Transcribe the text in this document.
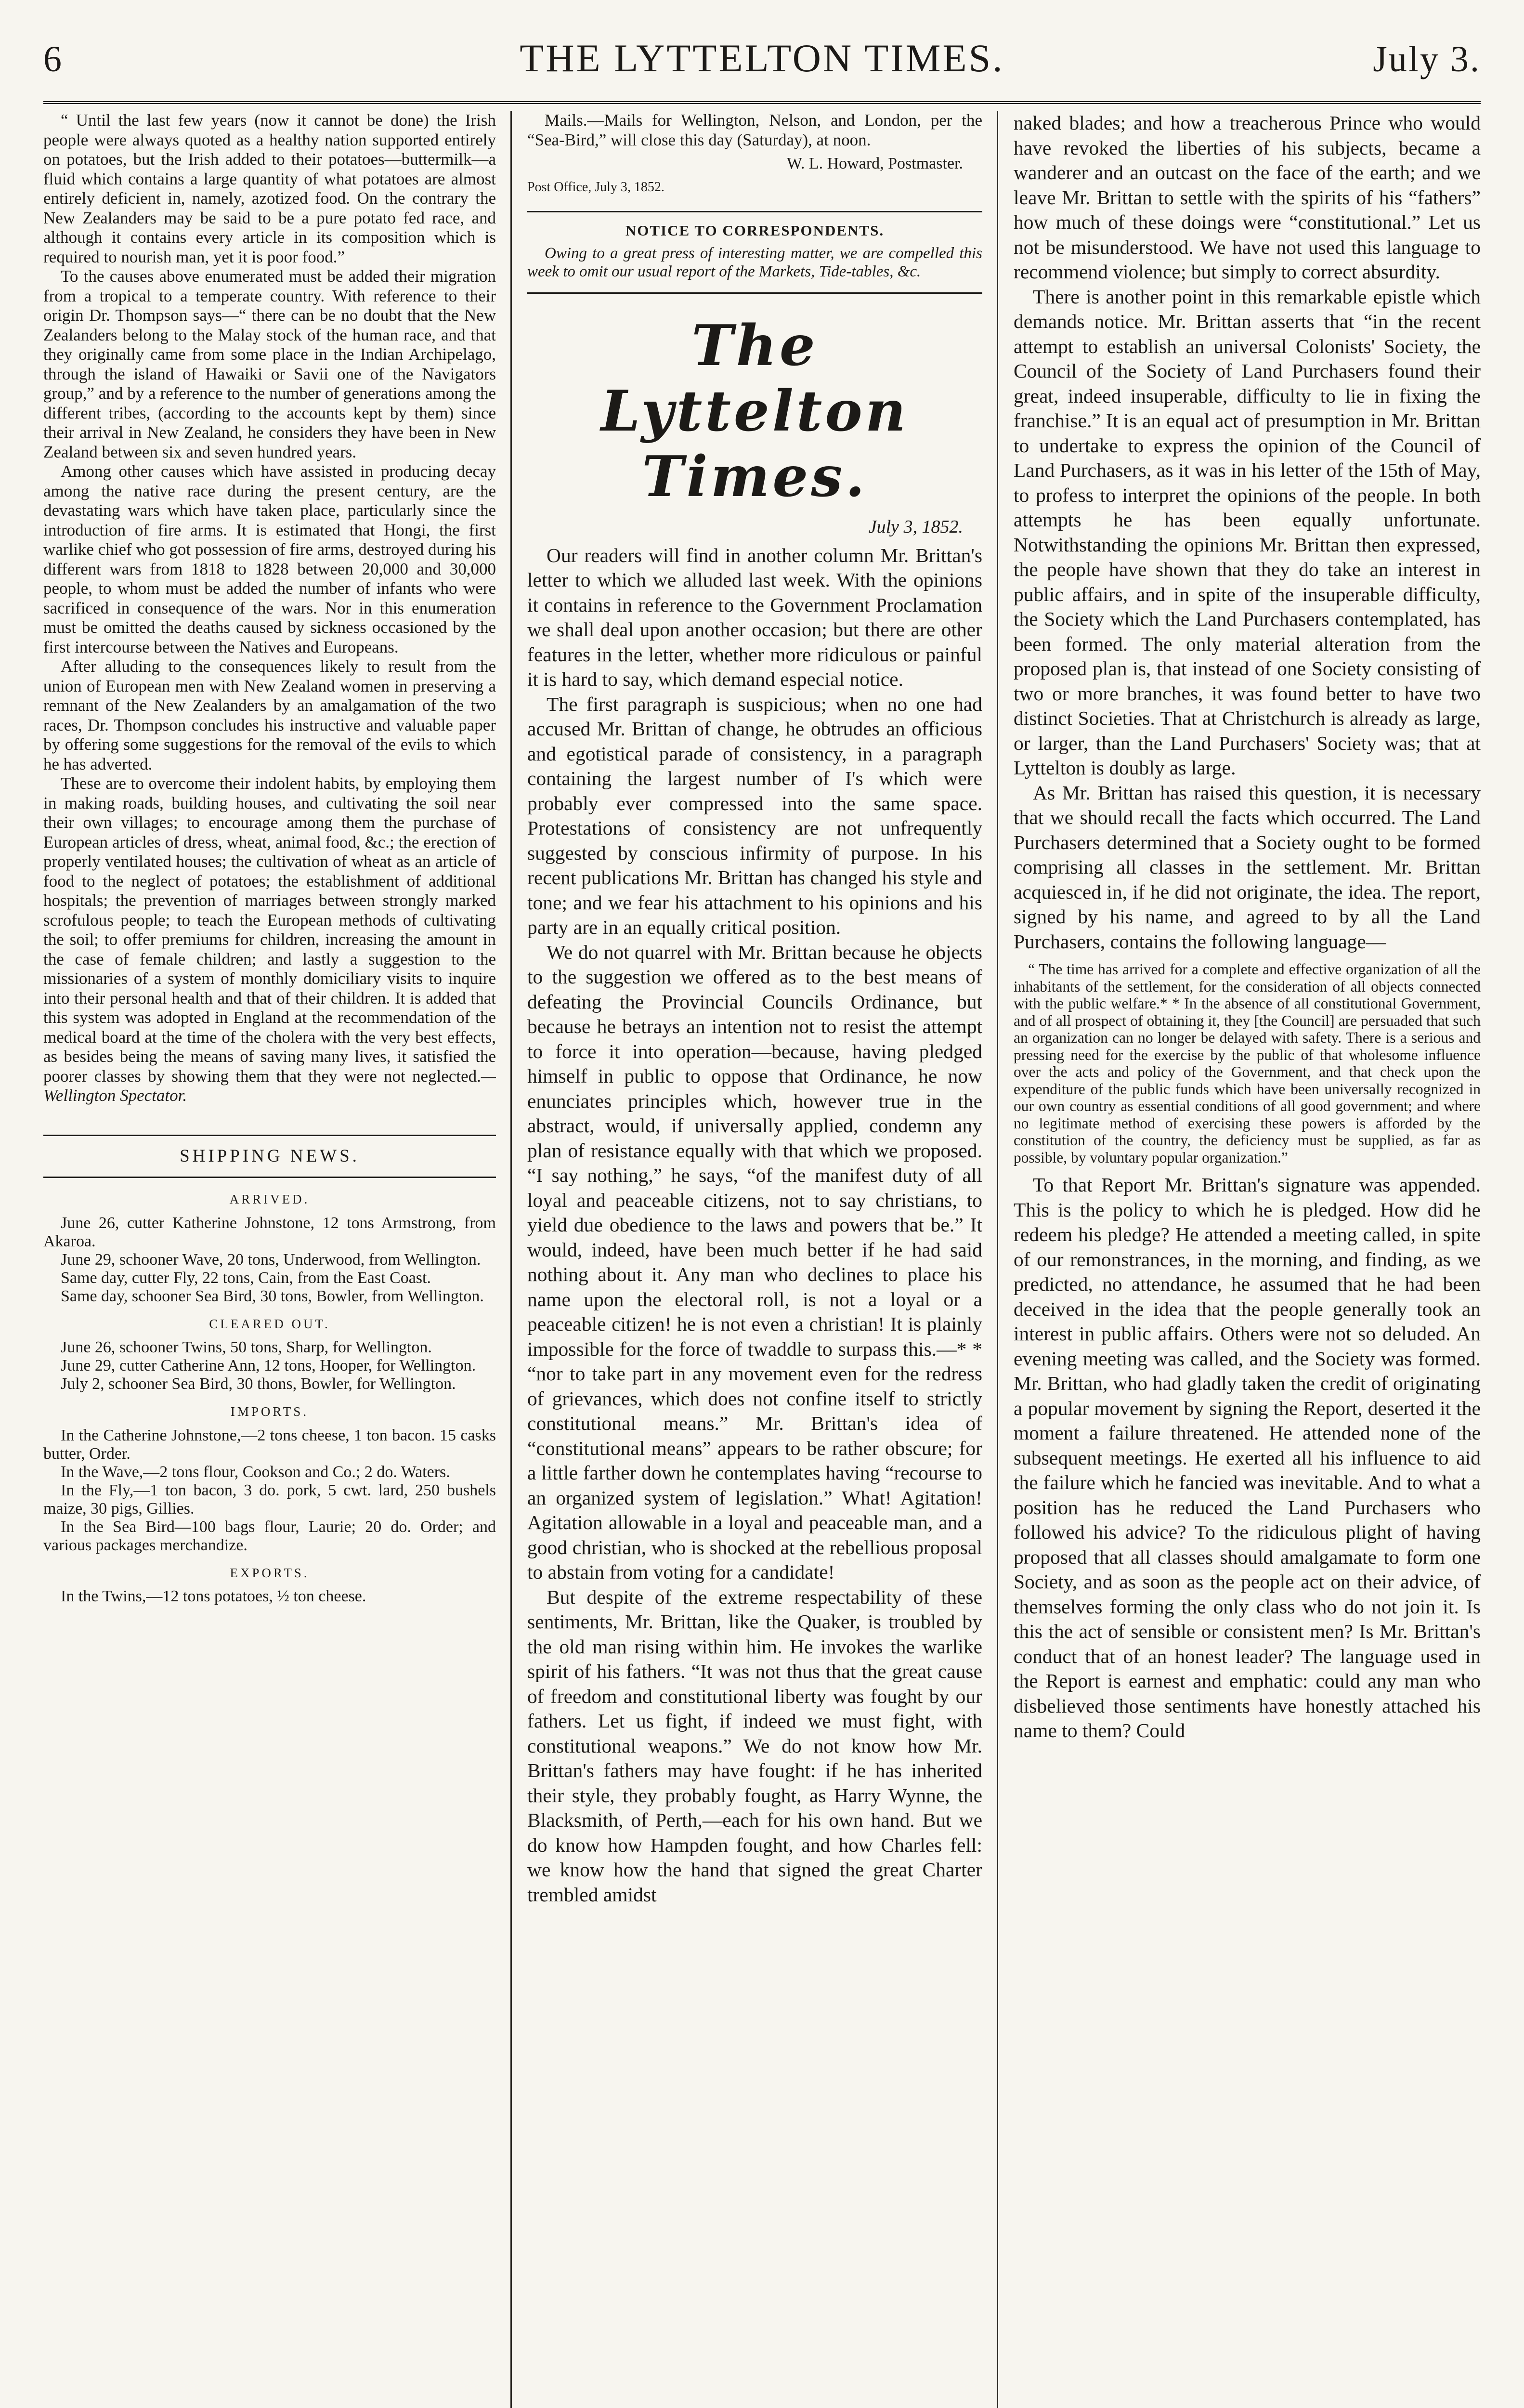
6	THE LYTTELTON TIMES.	July 3.

“ Until the last few years (now it cannot be done) the Irish people were always quoted as a healthy nation supported entirely on potatoes, but the Irish added to their potatoes—buttermilk—a fluid which contains a large quantity of what potatoes are almost entirely deficient in, namely, azotized food. On the contrary the New Zealanders may be said to be a pure potato fed race, and although it contains every article in its composition which is required to nourish man, yet it is poor food.”

To the causes above enumerated must be added their migration from a tropical to a temperate country. With reference to their origin Dr. Thompson says—“ there can be no doubt that the New Zealanders belong to the Malay stock of the human race, and that they originally came from some place in the Indian Archipelago, through the island of Hawaiki or Savii one of the Navigators group,” and by a reference to the number of generations among the different tribes, (according to the accounts kept by them) since their arrival in New Zealand, he considers they have been in New Zealand between six and seven hundred years.

Among other causes which have assisted in producing decay among the native race during the present century, are the devastating wars which have taken place, particularly since the introduction of fire arms. It is estimated that Hongi, the first warlike chief who got possession of fire arms, destroyed during his different wars from 1818 to 1828 between 20,000 and 30,000 people, to whom must be added the number of infants who were sacrificed in consequence of the wars. Nor in this enumeration must be omitted the deaths caused by sickness occasioned by the first intercourse between the Natives and Europeans.

After alluding to the consequences likely to result from the union of European men with New Zealand women in preserving a remnant of the New Zealanders by an amalgamation of the two races, Dr. Thompson concludes his instructive and valuable paper by offering some suggestions for the removal of the evils to which he has adverted.

These are to overcome their indolent habits, by employing them in making roads, building houses, and cultivating the soil near their own villages; to encourage among them the purchase of European articles of dress, wheat, animal food, &c.; the erection of properly ventilated houses; the cultivation of wheat as an article of food to the neglect of potatoes; the establishment of additional hospitals; the prevention of marriages between strongly marked scrofulous people; to teach the European methods of cultivating the soil; to offer premiums for children, increasing the amount in the case of female children; and lastly a suggestion to the missionaries of a system of monthly domiciliary visits to inquire into their personal health and that of their children. It is added that this system was adopted in England at the recommendation of the medical board at the time of the cholera with the very best effects, as besides being the means of saving many lives, it satisfied the poorer classes by showing them that they were not neglected.—Wellington Spectator.

SHIPPING NEWS.
ARRIVED.

June 26, cutter Katherine Johnstone, 12 tons Armstrong, from Akaroa.

June 29, schooner Wave, 20 tons, Underwood, from Wellington.

Same day, cutter Fly, 22 tons, Cain, from the East Coast.

Same day, schooner Sea Bird, 30 tons, Bowler, from Wellington.

CLEARED OUT.

June 26, schooner Twins, 50 tons, Sharp, for Wellington.

June 29, cutter Catherine Ann, 12 tons, Hooper, for Wellington.

July 2, schooner Sea Bird, 30 thons, Bowler, for Wellington.

IMPORTS.

In the Catherine Johnstone,—2 tons cheese, 1 ton bacon. 15 casks butter, Order.

In the Wave,—2 tons flour, Cookson and Co.; 2 do. Waters.

In the Fly,—1 ton bacon, 3 do. pork, 5 cwt. lard, 250 bushels maize, 30 pigs, Gillies.

In the Sea Bird—100 bags flour, Laurie; 20 do. Order; and various packages merchandize.

EXPORTS.

In the Twins,—12 tons potatoes, ½ ton cheese.

Mails.—Mails for Wellington, Nelson, and London, per the “Sea-Bird,” will close this day (Saturday), at noon.

W. L. Howard, Postmaster.
Post Office, July 3, 1852.
NOTICE TO CORRESPONDENTS.

Owing to a great press of interesting matter, we are compelled this week to omit our usual report of the Markets, Tide-tables, &c.

The Lyttelton Times.
July 3, 1852.

Our readers will find in another column Mr. Brittan's letter to which we alluded last week. With the opinions it contains in reference to the Government Proclamation we shall deal upon another occasion; but there are other features in the letter, whether more ridiculous or painful it is hard to say, which demand especial notice.

The first paragraph is suspicious; when no one had accused Mr. Brittan of change, he obtrudes an officious and egotistical parade of consistency, in a paragraph containing the largest number of I's which were probably ever compressed into the same space. Protestations of consistency are not unfrequently suggested by conscious infirmity of purpose. In his recent publications Mr. Brittan has changed his style and tone; and we fear his attachment to his opinions and his party are in an equally critical position.

We do not quarrel with Mr. Brittan because he objects to the suggestion we offered as to the best means of defeating the Provincial Councils Ordinance, but because he betrays an intention not to resist the attempt to force it into operation—because, having pledged himself in public to oppose that Ordinance, he now enunciates principles which, however true in the abstract, would, if universally applied, condemn any plan of resistance equally with that which we proposed. “I say nothing,” he says, “of the manifest duty of all loyal and peaceable citizens, not to say christians, to yield due obedience to the laws and powers that be.” It would, indeed, have been much better if he had said nothing about it. Any man who declines to place his name upon the electoral roll, is not a loyal or a peaceable citizen! he is not even a christian! It is plainly impossible for the force of twaddle to surpass this.—* * “nor to take part in any movement even for the redress of grievances, which does not confine itself to strictly constitutional means.” Mr. Brittan's idea of “constitutional means” appears to be rather obscure; for a little farther down he contemplates having “recourse to an organized system of legislation.” What! Agitation! Agitation allowable in a loyal and peaceable man, and a good christian, who is shocked at the rebellious proposal to abstain from voting for a candidate!

But despite of the extreme respectability of these sentiments, Mr. Brittan, like the Quaker, is troubled by the old man rising within him. He invokes the warlike spirit of his fathers. “It was not thus that the great cause of freedom and constitutional liberty was fought by our fathers. Let us fight, if indeed we must fight, with constitutional weapons.” We do not know how Mr. Brittan's fathers may have fought: if he has inherited their style, they probably fought, as Harry Wynne, the Blacksmith, of Perth,—each for his own hand. But we do know how Hampden fought, and how Charles fell: we know how the hand that signed the great Charter trembled amidst

naked blades; and how a treacherous Prince who would have revoked the liberties of his subjects, became a wanderer and an outcast on the face of the earth; and we leave Mr. Brittan to settle with the spirits of his “fathers” how much of these doings were “constitutional.” Let us not be misunderstood. We have not used this language to recommend violence; but simply to correct absurdity.

There is another point in this remarkable epistle which demands notice. Mr. Brittan asserts that “in the recent attempt to establish an universal Colonists' Society, the Council of the Society of Land Purchasers found their great, indeed insuperable, difficulty to lie in fixing the franchise.” It is an equal act of presumption in Mr. Brittan to undertake to express the opinion of the Council of Land Purchasers, as it was in his letter of the 15th of May, to profess to interpret the opinions of the people. In both attempts he has been equally unfortunate. Notwithstanding the opinions Mr. Brittan then expressed, the people have shown that they do take an interest in public affairs, and in spite of the insuperable difficulty, the Society which the Land Purchasers contemplated, has been formed. The only material alteration from the proposed plan is, that instead of one Society consisting of two or more branches, it was found better to have two distinct Societies. That at Christchurch is already as large, or larger, than the Land Purchasers' Society was; that at Lyttelton is doubly as large.

As Mr. Brittan has raised this question, it is necessary that we should recall the facts which occurred. The Land Purchasers determined that a Society ought to be formed comprising all classes in the settlement. Mr. Brittan acquiesced in, if he did not originate, the idea. The report, signed by his name, and agreed to by all the Land Purchasers, contains the following language—

“ The time has arrived for a complete and effective organization of all the inhabitants of the settlement, for the consideration of all objects connected with the public welfare.* * In the absence of all constitutional Government, and of all prospect of obtaining it, they [the Council] are persuaded that such an organization can no longer be delayed with safety. There is a serious and pressing need for the exercise by the public of that wholesome influence over the acts and policy of the Government, and that check upon the expenditure of the public funds which have been universally recognized in our own country as essential conditions of all good government; and where no legitimate method of exercising these powers is afforded by the constitution of the country, the deficiency must be supplied, as far as possible, by voluntary popular organization.”

To that Report Mr. Brittan's signature was appended. This is the policy to which he is pledged. How did he redeem his pledge? He attended a meeting called, in spite of our remonstrances, in the morning, and finding, as we predicted, no attendance, he assumed that he had been deceived in the idea that the people generally took an interest in public affairs. Others were not so deluded. An evening meeting was called, and the Society was formed. Mr. Brittan, who had gladly taken the credit of originating a popular movement by signing the Report, deserted it the moment a failure threatened. He attended none of the subsequent meetings. He exerted all his influence to aid the failure which he fancied was inevitable. And to what a position has he reduced the Land Purchasers who followed his advice? To the ridiculous plight of having proposed that all classes should amalgamate to form one Society, and as soon as the people act on their advice, of themselves forming the only class who do not join it. Is this the act of sensible or consistent men? Is Mr. Brittan's conduct that of an honest leader? The language used in the Report is earnest and emphatic: could any man who disbelieved those sentiments have honestly attached his name to them? Could
